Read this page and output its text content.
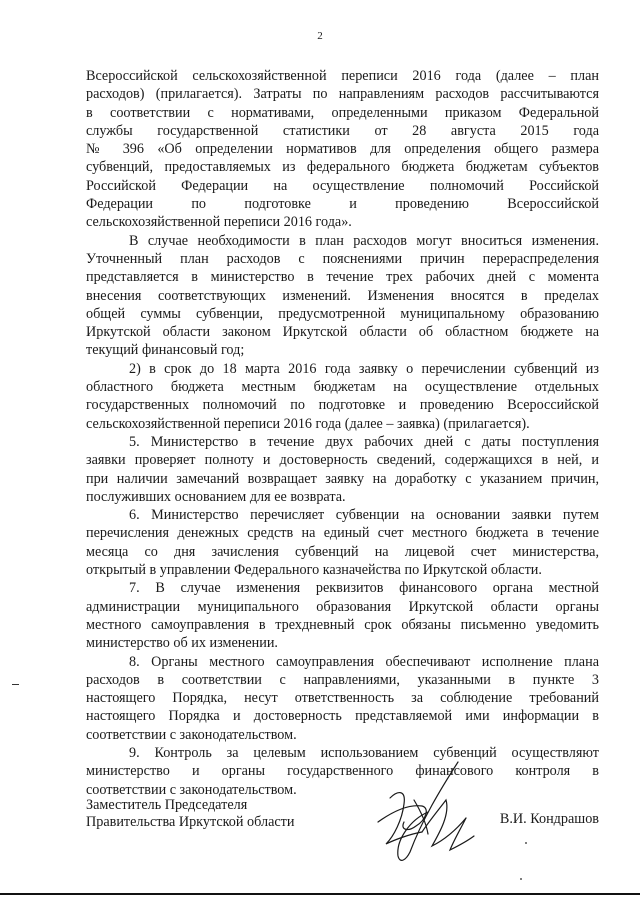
2
Всероссийской сельскохозяйственной переписи 2016 года (далее – план
расходов) (прилагается). Затраты по направлениям расходов рассчитываются
в соответствии с нормативами, определенными приказом Федеральной
службы государственной статистики от 28 августа 2015 года
№ 396 «Об определении нормативов для определения общего размера
субвенций, предоставляемых из федерального бюджета бюджетам субъектов
Российской Федерации на осуществление полномочий Российской
Федерации по подготовке и проведению Всероссийской
сельскохозяйственной переписи 2016 года».
В случае необходимости в план расходов могут вноситься изменения.
Уточненный план расходов с пояснениями причин перераспределения
представляется в министерство в течение трех рабочих дней с момента
внесения соответствующих изменений. Изменения вносятся в пределах
общей суммы субвенции, предусмотренной муниципальному образованию
Иркутской области законом Иркутской области об областном бюджете на
текущий финансовый год;
2) в срок до 18 марта 2016 года заявку о перечислении субвенций из
областного бюджета местным бюджетам на осуществление отдельных
государственных полномочий по подготовке и проведению Всероссийской
сельскохозяйственной переписи 2016 года (далее – заявка) (прилагается).
5. Министерство в течение двух рабочих дней с даты поступления
заявки проверяет полноту и достоверность сведений, содержащихся в ней, и
при наличии замечаний возвращает заявку на доработку с указанием причин,
послуживших основанием для ее возврата.
6. Министерство перечисляет субвенции на основании заявки путем
перечисления денежных средств на единый счет местного бюджета в течение
месяца со дня зачисления субвенций на лицевой счет министерства,
открытый в управлении Федерального казначейства по Иркутской области.
7. В случае изменения реквизитов финансового органа местной
администрации муниципального образования Иркутской области органы
местного самоуправления в трехдневный срок обязаны письменно уведомить
министерство об их изменении.
8. Органы местного самоуправления обеспечивают исполнение плана
расходов в соответствии с направлениями, указанными в пункте 3
настоящего Порядка, несут ответственность за соблюдение требований
настоящего Порядка и достоверность представляемой ими информации в
соответствии с законодательством.
9. Контроль за целевым использованием субвенций осуществляют
министерство и органы государственного финансового контроля в
соответствии с законодательством.
Заместитель Председателя
Правительства Иркутской области	В.И. Кондрашов
